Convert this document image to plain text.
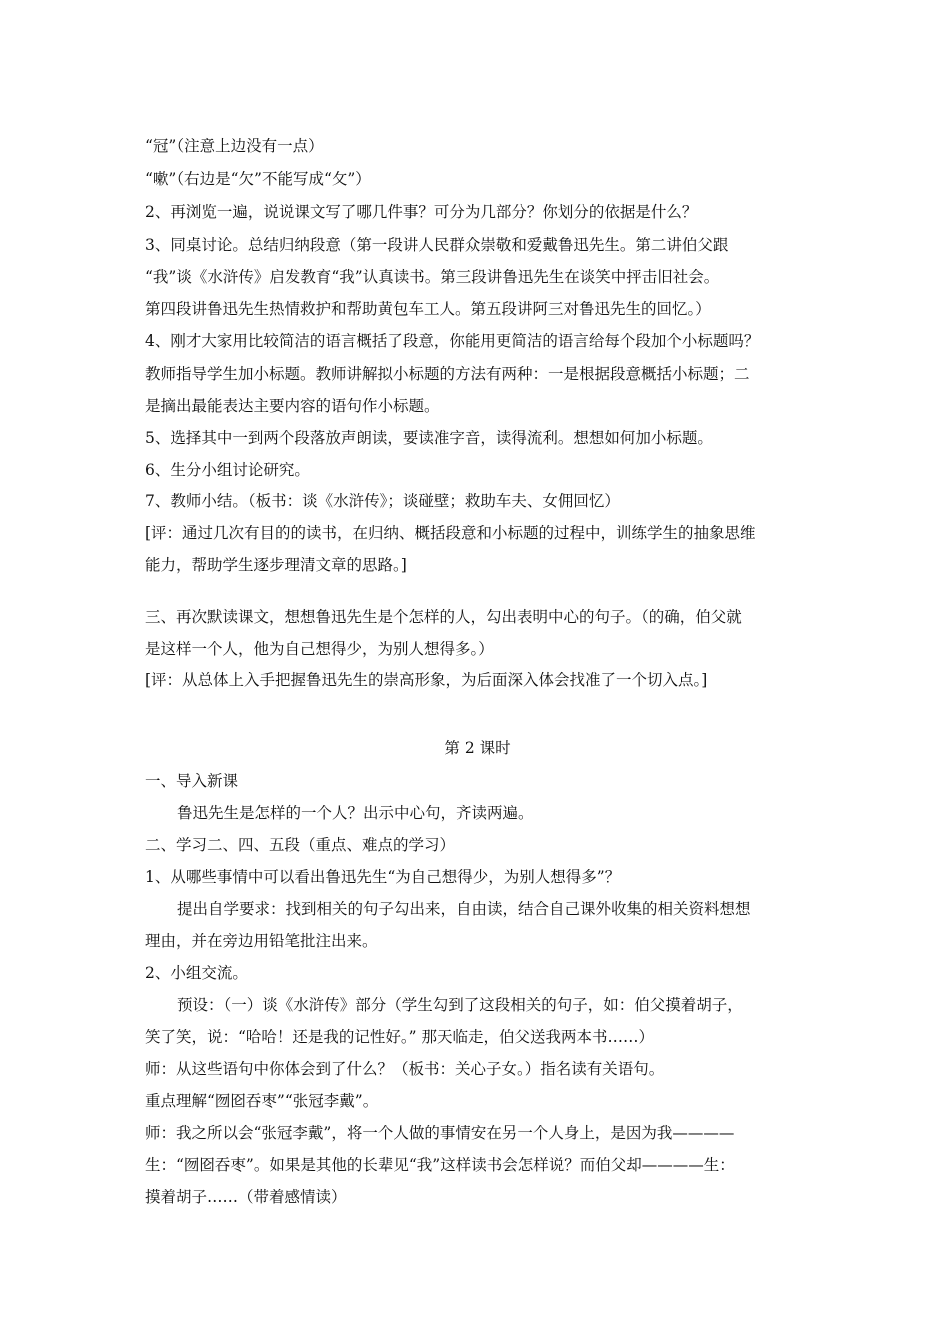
“冠”（注意上边没有一点）
“嗽”（右边是“欠”不能写成“攵”）
2、再浏览一遍，说说课文写了哪几件事？可分为几部分？你划分的依据是什么？
3、同桌讨论。总结归纳段意（第一段讲人民群众崇敬和爱戴鲁迅先生。第二讲伯父跟
“我”谈《水浒传》启发教育“我”认真读书。第三段讲鲁迅先生在谈笑中抨击旧社会。
第四段讲鲁迅先生热情救护和帮助黄包车工人。第五段讲阿三对鲁迅先生的回忆。）
4、刚才大家用比较简洁的语言概括了段意，你能用更简洁的语言给每个段加个小标题吗？
教师指导学生加小标题。教师讲解拟小标题的方法有两种：一是根据段意概括小标题；二
是摘出最能表达主要内容的语句作小标题。
5、选择其中一到两个段落放声朗读，要读准字音，读得流利。想想如何加小标题。
6、生分小组讨论研究。
7、教师小结。（板书：谈《水浒传》；谈碰壁；救助车夫、女佣回忆）
[评：通过几次有目的的读书，在归纳、概括段意和小标题的过程中，训练学生的抽象思维
能力，帮助学生逐步理清文章的思路。]
三、再次默读课文，想想鲁迅先生是个怎样的人，勾出表明中心的句子。（的确，伯父就
是这样一个人，他为自己想得少，为别人想得多。）
[评：从总体上入手把握鲁迅先生的崇高形象，为后面深入体会找准了一个切入点。]
第 2 课时
一、导入新课
鲁迅先生是怎样的一个人？出示中心句，齐读两遍。
二、学习二、四、五段（重点、难点的学习）
1、从哪些事情中可以看出鲁迅先生“为自己想得少，为别人想得多”？
提出自学要求：找到相关的句子勾出来，自由读，结合自己课外收集的相关资料想想
理由，并在旁边用铅笔批注出来。
2、小组交流。
预设：（一）谈《水浒传》部分（学生勾到了这段相关的句子，如：伯父摸着胡子，
笑了笑，说：“哈哈！还是我的记性好。” 那天临走，伯父送我两本书……）
师：从这些语句中你体会到了什么？（板书：关心子女。）指名读有关语句。
重点理解“囫囵吞枣”“张冠李戴”。
师：我之所以会“张冠李戴”，将一个人做的事情安在另一个人身上，是因为我————
生：“囫囵吞枣”。如果是其他的长辈见“我”这样读书会怎样说？而伯父却————生：
摸着胡子……（带着感情读）
